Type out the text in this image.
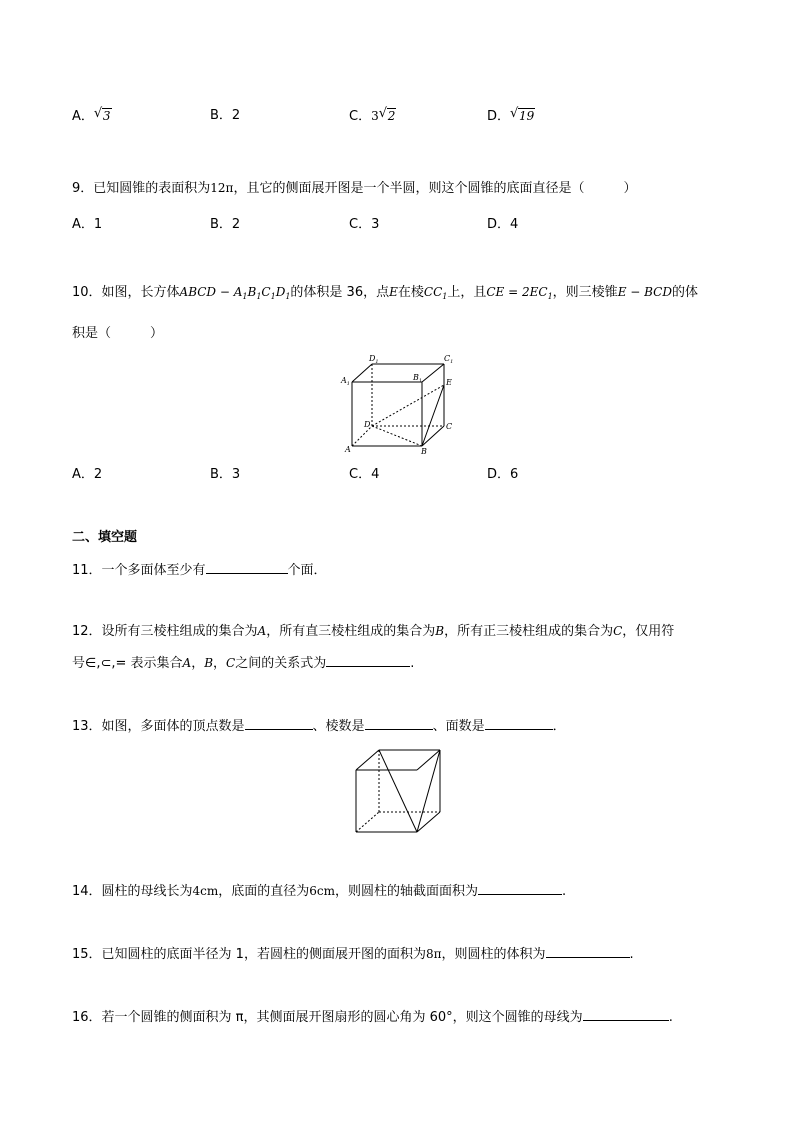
A． √ 3	B．2	C．3 √ 2	D． √ 19
9．已知圆锥的表面积为12π，且它的侧面展开图是一个半圆，则这个圆锥的底面直径是（　　　）
A．1	B．2	C．3	D．4
10．如图，长方体ABCD − $A_1B_1C_1D_1$的体积是 36，点E在棱$CC_1$上，且CE = $2EC_1$，则三棱锥E − BCD的体
积是（　　　）
$D_1$	$C_1$
$A_1$
$B_1$	E
D	C
A	B
A．2	B．3	C．4	D．6
二、填空题
11．一个多面体至少有	个面．
12．设所有三棱柱组成的集合为A，所有直三棱柱组成的集合为B，所有正三棱柱组成的集合为C，仅用符
号∈,⊂,= 表示集合A，B，C之间的关系式为	.
13．如图，多面体的顶点数是	、棱数是	、面数是	．
14．圆柱的母线长为4cm，底面的直径为6cm，则圆柱的轴截面面积为	.
15．已知圆柱的底面半径为 1，若圆柱的侧面展开图的面积为8π，则圆柱的体积为	.
16．若一个圆锥的侧面积为 π，其侧面展开图扇形的圆心角为 60°，则这个圆锥的母线为	.
